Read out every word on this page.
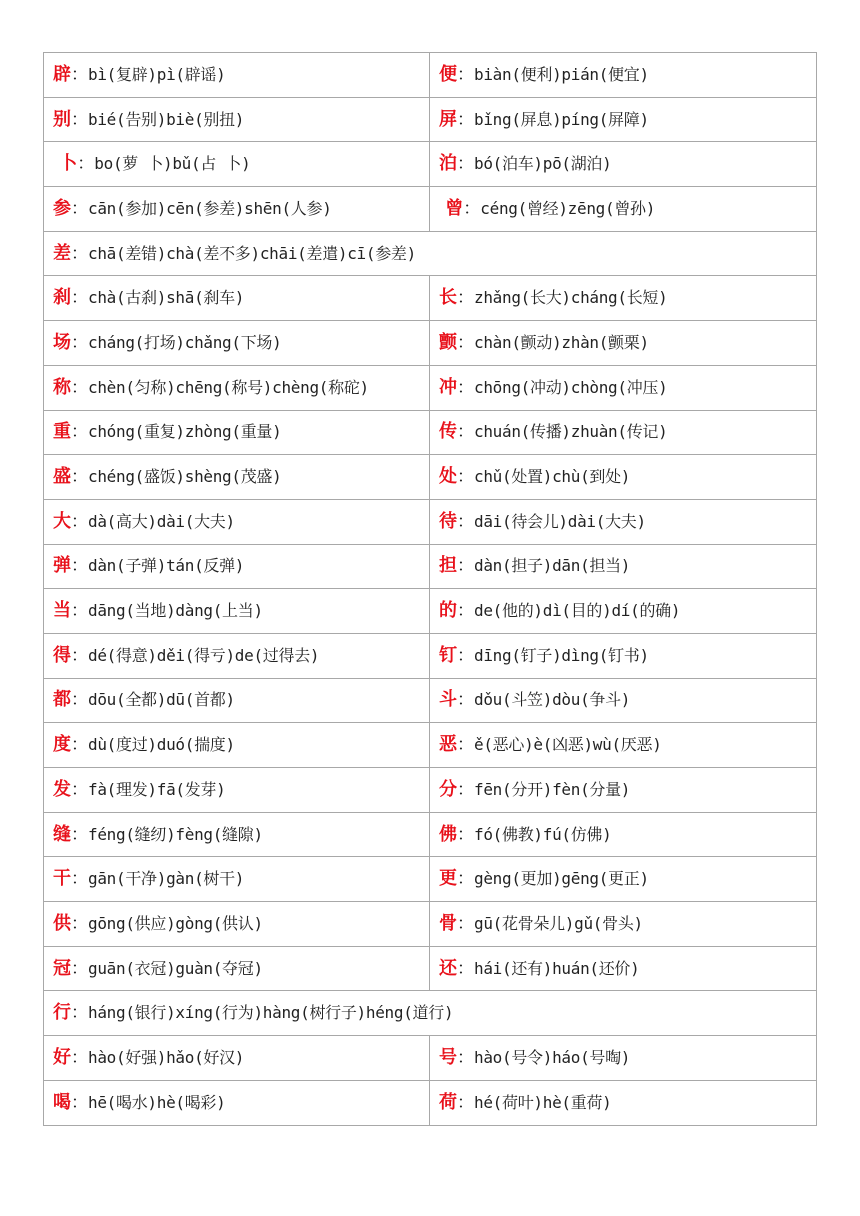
辟：bì(复辟)pì(辟谣)	便：biàn(便利)pián(便宜)
别：bié(告别)biè(别扭)	屏：bǐng(屏息)píng(屏障)
卜：bo(萝 卜)bǔ(占 卜)	泊：bó(泊车)pō(湖泊)
参：cān(参加)cēn(参差)shēn(人参)	曾：céng(曾经)zēng(曾孙)
差：chā(差错)chà(差不多)chāi(差遣)cī(参差)	
刹：chà(古刹)shā(刹车)	长：zhǎng(长大)cháng(长短)
场：cháng(打场)chǎng(下场)	颤：chàn(颤动)zhàn(颤栗)
称：chèn(匀称)chēng(称号)chèng(称砣)	冲：chōng(冲动)chòng(冲压)
重：chóng(重复)zhòng(重量)	传：chuán(传播)zhuàn(传记)
盛：chéng(盛饭)shèng(茂盛)	处：chǔ(处置)chù(到处)
大：dà(高大)dài(大夫)	待：dāi(待会儿)dài(大夫)
弹：dàn(子弹)tán(反弹)	担：dàn(担子)dān(担当)
当：dāng(当地)dàng(上当)	的：de(他的)dì(目的)dí(的确)
得：dé(得意)děi(得亏)de(过得去)	钉：dīng(钉子)dìng(钉书)
都：dōu(全都)dū(首都)	斗：dǒu(斗笠)dòu(争斗)
度：dù(度过)duó(揣度)	恶：ě(恶心)è(凶恶)wù(厌恶)
发：fà(理发)fā(发芽)	分：fēn(分开)fèn(分量)
缝：féng(缝纫)fèng(缝隙)	佛：fó(佛教)fú(仿佛)
干：gān(干净)gàn(树干)	更：gèng(更加)gēng(更正)
供：gōng(供应)gòng(供认)	骨：gū(花骨朵儿)gǔ(骨头)
冠：guān(衣冠)guàn(夺冠)	还：hái(还有)huán(还价)
行：háng(银行)xíng(行为)hàng(树行子)héng(道行)	
好：hào(好强)hǎo(好汉)	号：hào(号令)háo(号啕)
喝：hē(喝水)hè(喝彩)	荷：hé(荷叶)hè(重荷)
